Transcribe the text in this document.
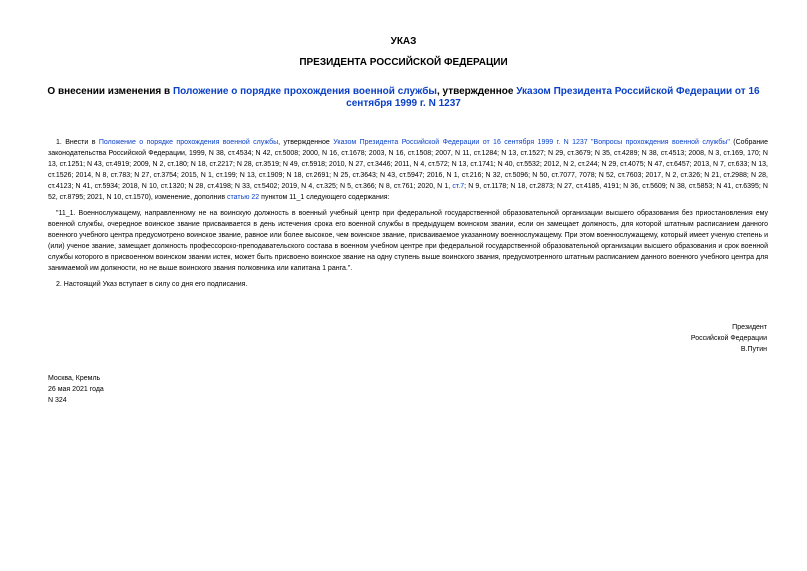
УКАЗ
ПРЕЗИДЕНТА РОССИЙСКОЙ ФЕДЕРАЦИИ
О внесении изменения в Положение о порядке прохождения военной службы, утвержденное Указом Президента Российской Федерации от 16 сентября 1999 г. N 1237
1. Внести в Положение о порядке прохождения военной службы, утвержденное Указом Президента Российской Федерации от 16 сентября 1999 г. N 1237 "Вопросы прохождения военной службы" (Собрание законодательства Российской Федерации, 1999, N 38, ст.4534; N 42, ст.5008; 2000, N 16, ст.1678; 2003, N 16, ст.1508; 2007, N 11, ст.1284; N 13, ст.1527; N 29, ст.3679; N 35, ст.4289; N 38, ст.4513; 2008, N 3, ст.169, 170; N 13, ст.1251; N 43, ст.4919; 2009, N 2, ст.180; N 18, ст.2217; N 28, ст.3519; N 49, ст.5918; 2010, N 27, ст.3446; 2011, N 4, ст.572; N 13, ст.1741; N 40, ст.5532; 2012, N 2, ст.244; N 29, ст.4075; N 47, ст.6457; 2013, N 7, ст.633; N 13, ст.1526; 2014, N 8, ст.783; N 27, ст.3754; 2015, N 1, ст.199; N 13, ст.1909; N 18, ст.2691; N 25, ст.3643; N 43, ст.5947; 2016, N 1, ст.216; N 32, ст.5096; N 50, ст.7077, 7078; N 52, ст.7603; 2017, N 2, ст.326; N 21, ст.2988; N 28, ст.4123; N 41, ст.5934; 2018, N 10, ст.1320; N 28, ст.4198; N 33, ст.5402; 2019, N 4, ст.325; N 5, ст.366; N 8, ст.761; 2020, N 1, ст.7; N 9, ст.1178; N 18, ст.2873; N 27, ст.4185, 4191; N 36, ст.5609; N 38, ст.5853; N 41, ст.6395; N 52, ст.8795; 2021, N 10, ст.1570), изменение, дополнив статью 22 пунктом 11_1 следующего содержания:
"11_1. Военнослужащему, направленному не на воинскую должность в военный учебный центр при федеральной государственной образовательной организации высшего образования без приостановления ему военной службы, очередное воинское звание присваивается в день истечения срока его военной службы в предыдущем воинском звании, если он замещает должность, для которой штатным расписанием данного военного учебного центра предусмотрено воинское звание, равное или более высокое, чем воинское звание, присваиваемое указанному военнослужащему. При этом военнослужащему, который имеет ученую степень и (или) ученое звание, замещает должность профессорско-преподавательского состава в военном учебном центре при федеральной государственной образовательной организации высшего образования и срок военной службы которого в присвоенном воинском звании истек, может быть присвоено воинское звание на одну ступень выше воинского звания, предусмотренного штатным расписанием данного военного учебного центра для занимаемой им должности, но не выше воинского звания полковника или капитана 1 ранга.".
2. Настоящий Указ вступает в силу со дня его подписания.
Президент
Российской Федерации
В.Путин
Москва, Кремль
26 мая 2021 года
N 324
